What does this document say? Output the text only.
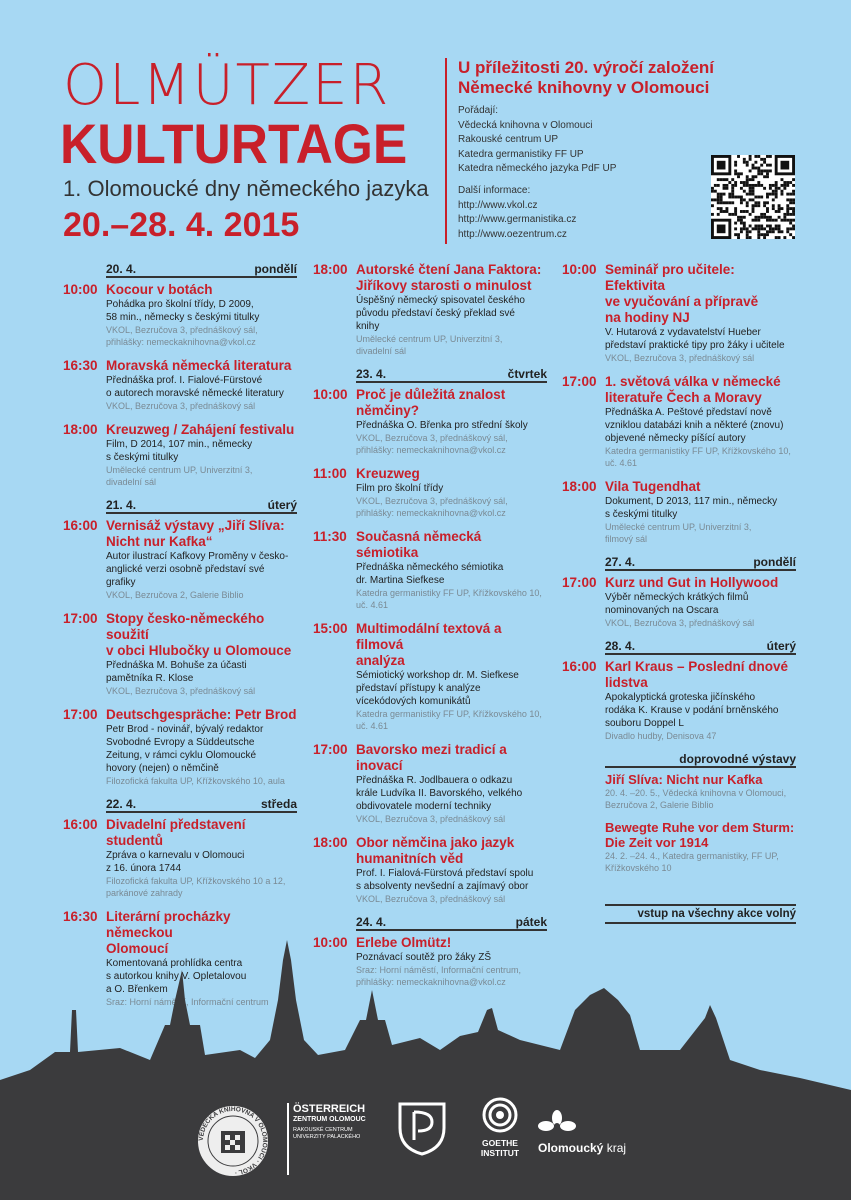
OLMÜTZER
KULTURTAGE
1. Olomoucké dny německého jazyka
20.–28. 4. 2015
U příležitosti 20. výročí založení
Německé knihovny v Olomouci
Pořádají:
Vědecká knihovna v Olomouci
Rakouské centrum UP
Katedra germanistiky FF UP
Katedra německého jazyka PdF UP
Další informace:
http://www.vkol.cz
http://www.germanistika.cz
http://www.oezentrum.cz
20. 4.	pondělí
10:00 Kocour v botách
Pohádka pro školní třídy, D 2009,
58 min., německy s českými titulky
VKOL, Bezručova 3, přednáškový sál,
přihlášky: nemeckaknihovna@vkol.cz
16:30 Moravská německá literatura
Přednáška prof. I. Fialové-Fürstové
o autorech moravské německé literatury
VKOL, Bezručova 3, přednáškový sál
18:00 Kreuzweg / Zahájení festivalu
Film, D 2014, 107 min., německy
s českými titulky
Umělecké centrum UP, Univerzitní 3,
divadelní sál
21. 4.	úterý
16:00 Vernisáž výstavy „Jiří Slíva:
Nicht nur Kafka“
Autor ilustrací Kafkovy Proměny v česko-
anglické verzi osobně představí své
grafiky
VKOL, Bezručova 2, Galerie Biblio
17:00 Stopy česko-německého soužití
v obci Hlubočky u Olomouce
Přednáška M. Bohuše za účasti
pamětníka R. Klose
VKOL, Bezručova 3, přednáškový sál
17:00 Deutschgespräche: Petr Brod
Petr Brod - novinář, bývalý redaktor
Svobodné Evropy a Süddeutsche
Zeitung, v rámci cyklu Olomoucké
hovory (nejen) o němčině
Filozofická fakulta UP, Křížkovského 10, aula
22. 4.	středa
16:00 Divadelní představení studentů
Zpráva o karnevalu v Olomouci
z 16. února 1744
Filozofická fakulta UP, Křížkovského 10 a 12,
parkánové zahrady
16:30 Literární procházky německou
Olomoucí
Komentovaná prohlídka centra
s autorkou knihy V. Opletalovou
a O. Břenkem
Sraz: Horní náměstí, Informační centrum
18:00 Autorské čtení Jana Faktora:
Jiříkovy starosti o minulost
Úspěšný německý spisovatel českého
původu představí český překlad své
knihy
Umělecké centrum UP, Univerzitní 3,
divadelní sál
23. 4.	čtvrtek
10:00 Proč je důležitá znalost
němčiny?
Přednáška O. Břenka pro střední školy
VKOL, Bezručova 3, přednáškový sál,
přihlášky: nemeckaknihovna@vkol.cz
11:00 Kreuzweg
Film pro školní třídy
VKOL, Bezručova 3, přednáškový sál,
přihlášky: nemeckaknihovna@vkol.cz
11:30 Současná německá sémiotika
Přednáška německého sémiotika
dr. Martina Siefkese
Katedra germanistiky FF UP, Křížkovského 10,
uč. 4.61
15:00 Multimodální textová a filmová
analýza
Sémiotický workshop dr. M. Siefkese
představí přístupy k analýze
vícekódových komunikátů
Katedra germanistiky FF UP, Křížkovského 10,
uč. 4.61
17:00 Bavorsko mezi tradicí a inovací
Přednáška R. Jodlbauera o odkazu
krále Ludvíka II. Bavorského, velkého
obdivovatele moderní techniky
VKOL, Bezručova 3, přednáškový sál
18:00 Obor němčina jako jazyk
humanitních věd
Prof. I. Fialová-Fürstová představí spolu
s absolventy nevšední a zajímavý obor
VKOL, Bezručova 3, přednáškový sál
24. 4.	pátek
10:00 Erlebe Olmütz!
Poznávací soutěž pro žáky ZŠ
Sraz: Horní náměstí, Informační centrum,
přihlášky: nemeckaknihovna@vkol.cz
10:00 Seminář pro učitele: Efektivita
ve vyučování a přípravě
na hodiny NJ
V. Hutarová z vydavatelství Hueber
představí praktické tipy pro žáky i učitele
VKOL, Bezručova 3, přednáškový sál
17:00 1. světová válka v německé
literatuře Čech a Moravy
Přednáška A. Peštové představí nově
vzniklou databázi knih a některé (znovu)
objevené německy píšící autory
Katedra germanistiky FF UP, Křížkovského 10,
uč. 4.61
18:00 Vila Tugendhat
Dokument, D 2013, 117 min., německy
s českými titulky
Umělecké centrum UP, Univerzitní 3,
filmový sál
27. 4.	pondělí
17:00 Kurz und Gut in Hollywood
Výběr německých krátkých filmů
nominovaných na Oscara
VKOL, Bezručova 3, přednáškový sál
28. 4.	úterý
16:00 Karl Kraus – Poslední dnové
lidstva
Apokalyptická groteska jičínského
rodáka K. Krause v podání brněnského
souboru Doppel L
Divadlo hudby, Denisova 47
doprovodné výstavy
Jiří Slíva: Nicht nur Kafka
20. 4. –20. 5., Vědecká knihovna v Olomouci,
Bezručova 2, Galerie Biblio
Bewegte Ruhe vor dem Sturm:
Die Zeit vor 1914
24. 2. –24. 4., Katedra germanistiky, FF UP,
Křížkovského 10
vstup na všechny akce volný
VĚDECKÁ KNIHOVNA V OLOMOUCI · VKOL ·
ÖSTERREICH
ZENTRUM OLOMOUC
RAKOUSKÉ CENTRUM
UNIVERZITY PALACKÉHO
GOETHE
INSTITUT	Olomoucký kraj
